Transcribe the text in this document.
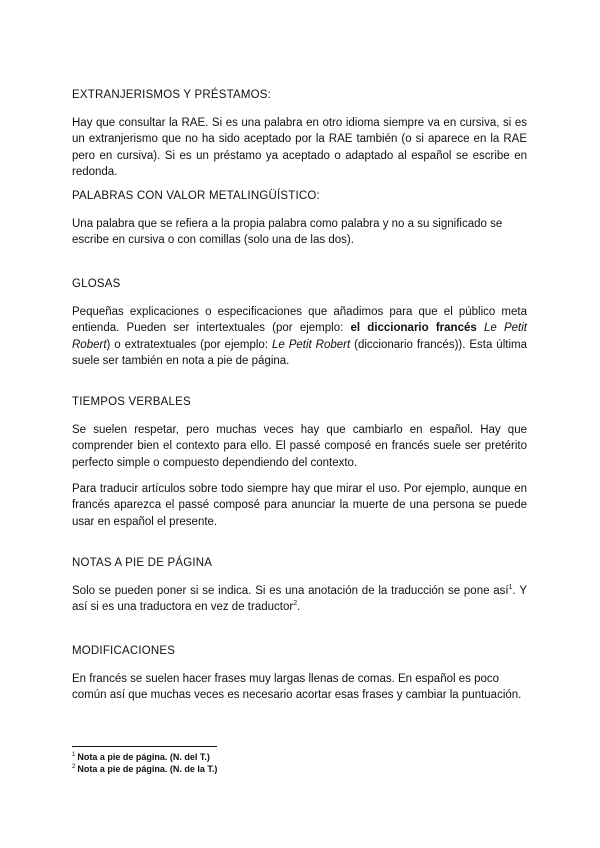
EXTRANJERISMOS Y PRÉSTAMOS:
Hay que consultar la RAE. Si es una palabra en otro idioma siempre va en cursiva, si es un extranjerismo que no ha sido aceptado por la RAE también (o si aparece en la RAE pero en cursiva). Si es un préstamo ya aceptado o adaptado al español se escribe en redonda.
PALABRAS CON VALOR METALINGÜÍSTICO:
Una palabra que se refiera a la propia palabra como palabra y no a su significado se escribe en cursiva o con comillas (solo una de las dos).
GLOSAS
Pequeñas explicaciones o especificaciones que añadimos para que el público meta entienda. Pueden ser intertextuales (por ejemplo: el diccionario francés Le Petit Robert) o extratextuales (por ejemplo: Le Petit Robert (diccionario francés)). Esta última suele ser también en nota a pie de página.
TIEMPOS VERBALES
Se suelen respetar, pero muchas veces hay que cambiarlo en español. Hay que comprender bien el contexto para ello. El passé composé en francés suele ser pretérito perfecto simple o compuesto dependiendo del contexto.
Para traducir artículos sobre todo siempre hay que mirar el uso. Por ejemplo, aunque en francés aparezca el passé composé para anunciar la muerte de una persona se puede usar en español el presente.
NOTAS A PIE DE PÁGINA
Solo se pueden poner si se indica. Si es una anotación de la traducción se pone así$^1$. Y así si es una traductora en vez de traductor$^2$.
MODIFICACIONES
En francés se suelen hacer frases muy largas llenas de comas. En español es poco común así que muchas veces es necesario acortar esas frases y cambiar la puntuación.
$^1$ Nota a pie de página. (N. del T.)
$^2$ Nota a pie de página. (N. de la T.)
